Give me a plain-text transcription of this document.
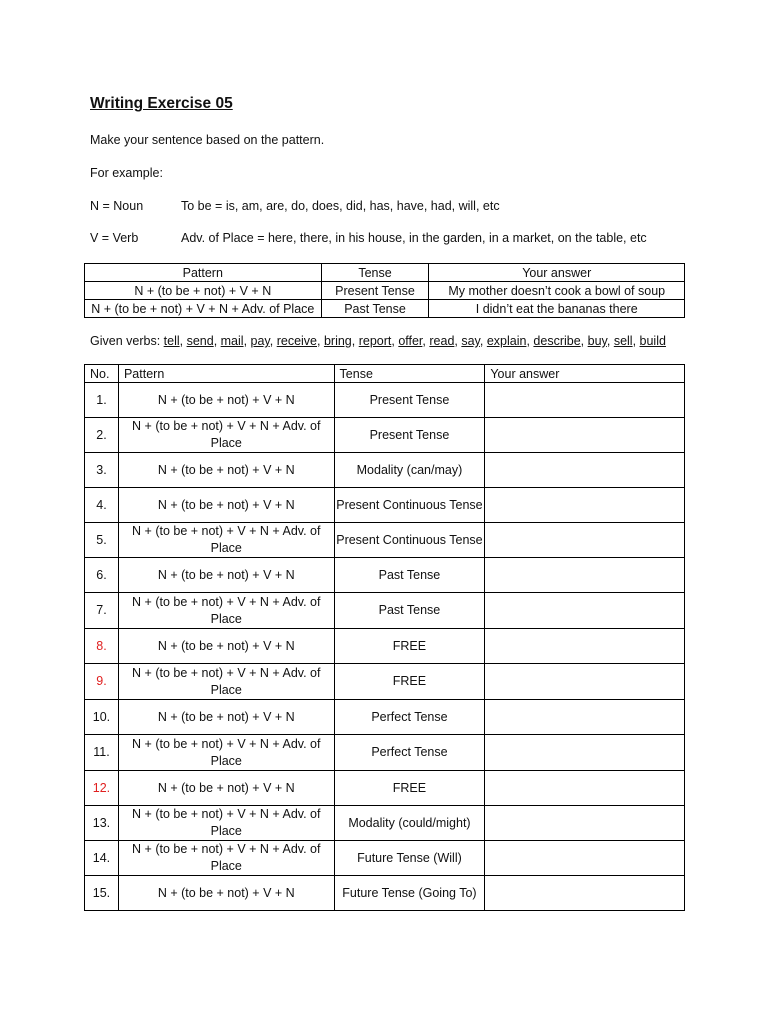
Writing Exercise 05
Make your sentence based on the pattern.
For example:
N = Noun	To be = is, am, are, do, does, did, has, have, had, will, etc
V = Verb	Adv. of Place = here, there, in his house, in the garden, in a market, on the table, etc
Pattern	Tense	Your answer
N + (to be + not) + V + N	Present Tense	My mother doesn’t cook a bowl of soup
N + (to be + not) + V + N + Adv. of Place	Past Tense	I didn’t eat the bananas there
Given verbs: tell, send, mail, pay, receive, bring, report, offer, read, say, explain, describe, buy, sell, build
No.	Pattern	Tense	Your answer
1.	N + (to be + not) + V + N	Present Tense	
2.	N + (to be + not) + V + N + Adv. of Place	Present Tense	
3.	N + (to be + not) + V + N	Modality (can/may)	
4.	N + (to be + not) + V + N	Present Continuous Tense	
5.	N + (to be + not) + V + N + Adv. of Place	Present Continuous Tense	
6.	N + (to be + not) + V + N	Past Tense	
7.	N + (to be + not) + V + N + Adv. of Place	Past Tense	
8.	N + (to be + not) + V + N	FREE	
9.	N + (to be + not) + V + N + Adv. of Place	FREE	
10.	N + (to be + not) + V + N	Perfect Tense	
11.	N + (to be + not) + V + N + Adv. of Place	Perfect Tense	
12.	N + (to be + not) + V + N	FREE	
13.	N + (to be + not) + V + N + Adv. of Place	Modality (could/might)	
14.	N + (to be + not) + V + N + Adv. of Place	Future Tense (Will)	
15.	N + (to be + not) + V + N	Future Tense (Going To)	
